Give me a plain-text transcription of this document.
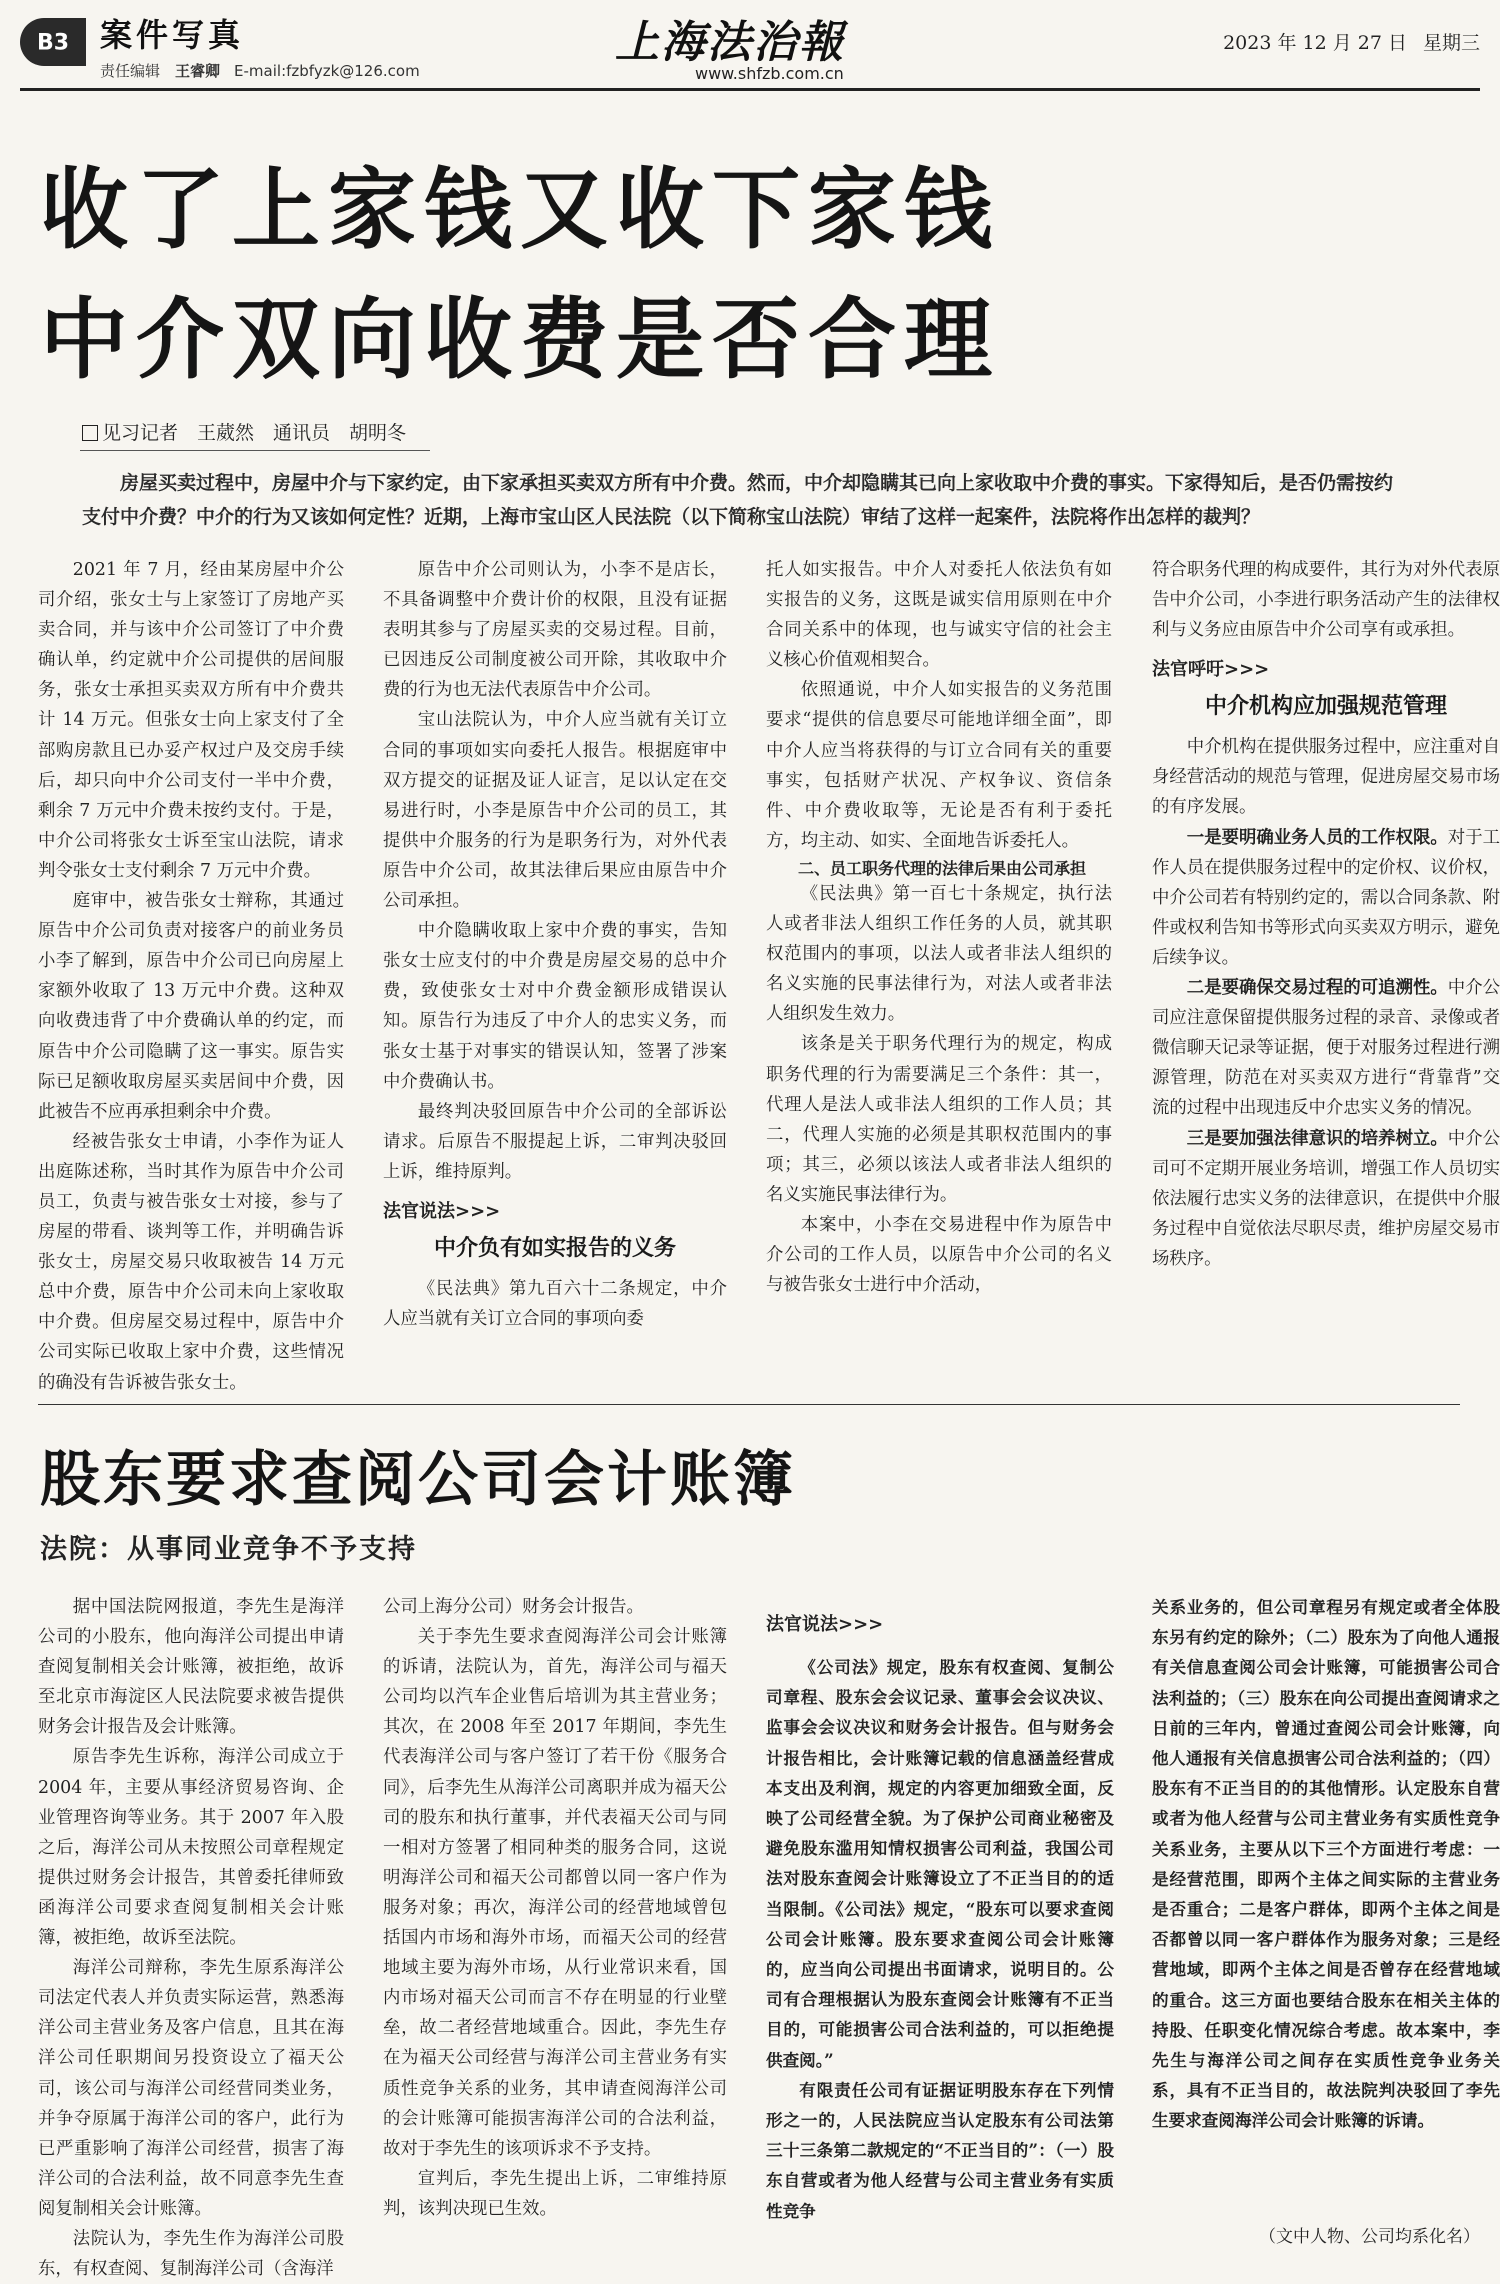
B3 案件写真
责任编辑　 王睿卿 E-mail:fzbfyzk@126.com
上海法治報
www.shfzb.com.cn
2023 年 12 月 27 日 星期三
收了上家钱又收下家钱
中介双向收费是否合理
见习记者　王葳然　通讯员　胡明冬
房屋买卖过程中，房屋中介与下家约定，由下家承担买卖双方所有中介费。然而，中介却隐瞒其已向上家收取中介费的事实。下家得知后，是否仍需按约支付中介费？中介的行为又该如何定性？近期，上海市宝山区人民法院（以下简称宝山法院）审结了这样一起案件，法院将作出怎样的裁判？

2021 年 7 月，经由某房屋中介公司介绍，张女士与上家签订了房地产买卖合同，并与该中介公司签订了中介费确认单，约定就中介公司提供的居间服务，张女士承担买卖双方所有中介费共计 14 万元。但张女士向上家支付了全部购房款且已办妥产权过户及交房手续后，却只向中介公司支付一半中介费，剩余 7 万元中介费未按约支付。于是，中介公司将张女士诉至宝山法院，请求判令张女士支付剩余 7 万元中介费。

庭审中，被告张女士辩称，其通过原告中介公司负责对接客户的前业务员小李了解到，原告中介公司已向房屋上家额外收取了 13 万元中介费。这种双向收费违背了中介费确认单的约定，而原告中介公司隐瞒了这一事实。原告实际已足额收取房屋买卖居间中介费，因此被告不应再承担剩余中介费。

经被告张女士申请，小李作为证人出庭陈述称，当时其作为原告中介公司员工，负责与被告张女士对接，参与了房屋的带看、谈判等工作，并明确告诉张女士，房屋交易只收取被告 14 万元总中介费，原告中介公司未向上家收取中介费。但房屋交易过程中，原告中介公司实际已收取上家中介费，这些情况的确没有告诉被告张女士。

原告中介公司则认为，小李不是店长，不具备调整中介费计价的权限，且没有证据表明其参与了房屋买卖的交易过程。目前，已因违反公司制度被公司开除，其收取中介费的行为也无法代表原告中介公司。

宝山法院认为，中介人应当就有关订立合同的事项如实向委托人报告。根据庭审中双方提交的证据及证人证言，足以认定在交易进行时，小李是原告中介公司的员工，其提供中介服务的行为是职务行为，对外代表原告中介公司，故其法律后果应由原告中介公司承担。

中介隐瞒收取上家中介费的事实，告知张女士应支付的中介费是房屋交易的总中介费，致使张女士对中介费金额形成错误认知。原告行为违反了中介人的忠实义务，而张女士基于对事实的错误认知，签署了涉案中介费确认书。

最终判决驳回原告中介公司的全部诉讼请求。后原告不服提起上诉，二审判决驳回上诉，维持原判。

法官说法>>>
中介负有如实报告的义务

《民法典》第九百六十二条规定，中介人应当就有关订立合同的事项向委

托人如实报告。中介人对委托人依法负有如实报告的义务，这既是诚实信用原则在中介合同关系中的体现，也与诚实守信的社会主义核心价值观相契合。

依照通说，中介人如实报告的义务范围要求“提供的信息要尽可能地详细全面”，即中介人应当将获得的与订立合同有关的重要事实，包括财产状况、产权争议、资信条件、中介费收取等，无论是否有利于委托方，均主动、如实、全面地告诉委托人。

二、员工职务代理的法律后果由公司承担

《民法典》第一百七十条规定，执行法人或者非法人组织工作任务的人员，就其职权范围内的事项，以法人或者非法人组织的名义实施的民事法律行为，对法人或者非法人组织发生效力。

该条是关于职务代理行为的规定，构成职务代理的行为需要满足三个条件：其一，代理人是法人或非法人组织的工作人员；其二，代理人实施的必须是其职权范围内的事项；其三，必须以该法人或者非法人组织的名义实施民事法律行为。

本案中，小李在交易进程中作为原告中介公司的工作人员，以原告中介公司的名义与被告张女士进行中介活动，

符合职务代理的构成要件，其行为对外代表原告中介公司，小李进行职务活动产生的法律权利与义务应由原告中介公司享有或承担。

法官呼吁>>>
中介机构应加强规范管理

中介机构在提供服务过程中，应注重对自身经营活动的规范与管理，促进房屋交易市场的有序发展。

一是要明确业务人员的工作权限。对于工作人员在提供服务过程中的定价权、议价权，中介公司若有特别约定的，需以合同条款、附件或权利告知书等形式向买卖双方明示，避免后续争议。

二是要确保交易过程的可追溯性。中介公司应注意保留提供服务过程的录音、录像或者微信聊天记录等证据，便于对服务过程进行溯源管理，防范在对买卖双方进行“背靠背”交流的过程中出现违反中介忠实义务的情况。

三是要加强法律意识的培养树立。中介公司可不定期开展业务培训，增强工作人员切实依法履行忠实义务的法律意识，在提供中介服务过程中自觉依法尽职尽责，维护房屋交易市场秩序。

股东要求查阅公司会计账簿
法院：从事同业竞争不予支持

据中国法院网报道，李先生是海洋公司的小股东，他向海洋公司提出申请查阅复制相关会计账簿，被拒绝，故诉至北京市海淀区人民法院要求被告提供财务会计报告及会计账簿。

原告李先生诉称，海洋公司成立于 2004 年，主要从事经济贸易咨询、企业管理咨询等业务。其于 2007 年入股之后，海洋公司从未按照公司章程规定提供过财务会计报告，其曾委托律师致函海洋公司要求查阅复制相关会计账簿，被拒绝，故诉至法院。

海洋公司辩称，李先生原系海洋公司法定代表人并负责实际运营，熟悉海洋公司主营业务及客户信息，且其在海洋公司任职期间另投资设立了福天公司，该公司与海洋公司经营同类业务，并争夺原属于海洋公司的客户，此行为已严重影响了海洋公司经营，损害了海洋公司的合法利益，故不同意李先生查阅复制相关会计账簿。

法院认为，李先生作为海洋公司股东，有权查阅、复制海洋公司（含海洋

公司上海分公司）财务会计报告。

关于李先生要求查阅海洋公司会计账簿的诉请，法院认为，首先，海洋公司与福天公司均以汽车企业售后培训为其主营业务；其次，在 2008 年至 2017 年期间，李先生代表海洋公司与客户签订了若干份《服务合同》，后李先生从海洋公司离职并成为福天公司的股东和执行董事，并代表福天公司与同一相对方签署了相同种类的服务合同，这说明海洋公司和福天公司都曾以同一客户作为服务对象；再次，海洋公司的经营地域曾包括国内市场和海外市场，而福天公司的经营地域主要为海外市场，从行业常识来看，国内市场对福天公司而言不存在明显的行业壁垒，故二者经营地域重合。因此，李先生存在为福天公司经营与海洋公司主营业务有实质性竞争关系的业务，其申请查阅海洋公司的会计账簿可能损害海洋公司的合法利益，故对于李先生的该项诉求不予支持。

宣判后，李先生提出上诉，二审维持原判，该判决现已生效。

法官说法>>>

《公司法》规定，股东有权查阅、复制公司章程、股东会会议记录、董事会会议决议、监事会会议决议和财务会计报告。但与财务会计报告相比，会计账簿记载的信息涵盖经营成本支出及利润，规定的内容更加细致全面，反映了公司经营全貌。为了保护公司商业秘密及避免股东滥用知情权损害公司利益，我国公司法对股东查阅会计账簿设立了不正当目的的适当限制。《公司法》规定，“股东可以要求查阅公司会计账簿。股东要求查阅公司会计账簿的，应当向公司提出书面请求，说明目的。公司有合理根据认为股东查阅会计账簿有不正当目的，可能损害公司合法利益的，可以拒绝提供查阅。”

有限责任公司有证据证明股东存在下列情形之一的，人民法院应当认定股东有公司法第三十三条第二款规定的“不正当目的”：（一）股东自营或者为他人经营与公司主营业务有实质性竞争

关系业务的，但公司章程另有规定或者全体股东另有约定的除外；（二）股东为了向他人通报有关信息查阅公司会计账簿，可能损害公司合法利益的；（三）股东在向公司提出查阅请求之日前的三年内，曾通过查阅公司会计账簿，向他人通报有关信息损害公司合法利益的；（四）股东有不正当目的的其他情形。认定股东自营或者为他人经营与公司主营业务有实质性竞争关系业务，主要从以下三个方面进行考虑：一是经营范围，即两个主体之间实际的主营业务是否重合；二是客户群体，即两个主体之间是否都曾以同一客户群体作为服务对象；三是经营地域，即两个主体之间是否曾存在经营地域的重合。这三方面也要结合股东在相关主体的持股、任职变化情况综合考虑。故本案中，李先生与海洋公司之间存在实质性竞争业务关系，具有不正当目的，故法院判决驳回了李先生要求查阅海洋公司会计账簿的诉请。

（文中人物、公司均系化名）
